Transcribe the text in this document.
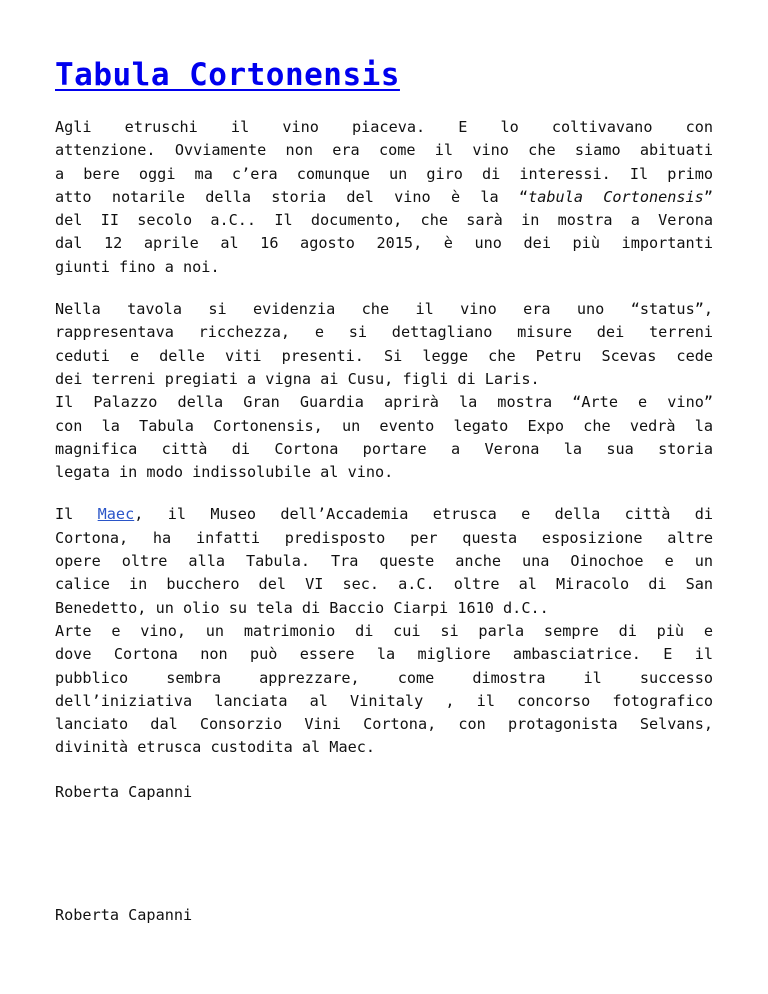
Tabula Cortonensis

Agli etruschi il vino piaceva. E lo coltivavano con
attenzione. Ovviamente non era come il vino che siamo abituati
a bere oggi ma c’era comunque un giro di interessi. Il primo
atto notarile della storia del vino è la “tabula Cortonensis”
del II secolo a.C.. Il documento, che sarà in mostra a Verona
dal 12 aprile al 16 agosto 2015, è uno dei più importanti
giunti fino a noi.

Nella tavola si evidenzia che il vino era uno “status”,
rappresentava ricchezza, e si dettagliano misure dei terreni
ceduti e delle viti presenti. Si legge che Petru Scevas cede
dei terreni pregiati a vigna ai Cusu, figli di Laris.
Il Palazzo della Gran Guardia aprirà la mostra “Arte e vino”
con la Tabula Cortonensis, un evento legato Expo che vedrà la
magnifica città di Cortona portare a Verona la sua storia
legata in modo indissolubile al vino.

Il Maec, il Museo dell’Accademia etrusca e della città di
Cortona, ha infatti predisposto per questa esposizione altre
opere oltre alla Tabula. Tra queste anche una Oinochoe e un
calice in bucchero del VI sec. a.C. oltre al Miracolo di San
Benedetto, un olio su tela di Baccio Ciarpi 1610 d.C..
Arte e vino, un matrimonio di cui si parla sempre di più e
dove Cortona non può essere la migliore ambasciatrice. E il
pubblico sembra apprezzare, come dimostra il successo
dell’iniziativa lanciata al Vinitaly , il concorso fotografico
lanciato dal Consorzio Vini Cortona, con protagonista Selvans,
divinità etrusca custodita al Maec.

Roberta Capanni

Roberta Capanni
